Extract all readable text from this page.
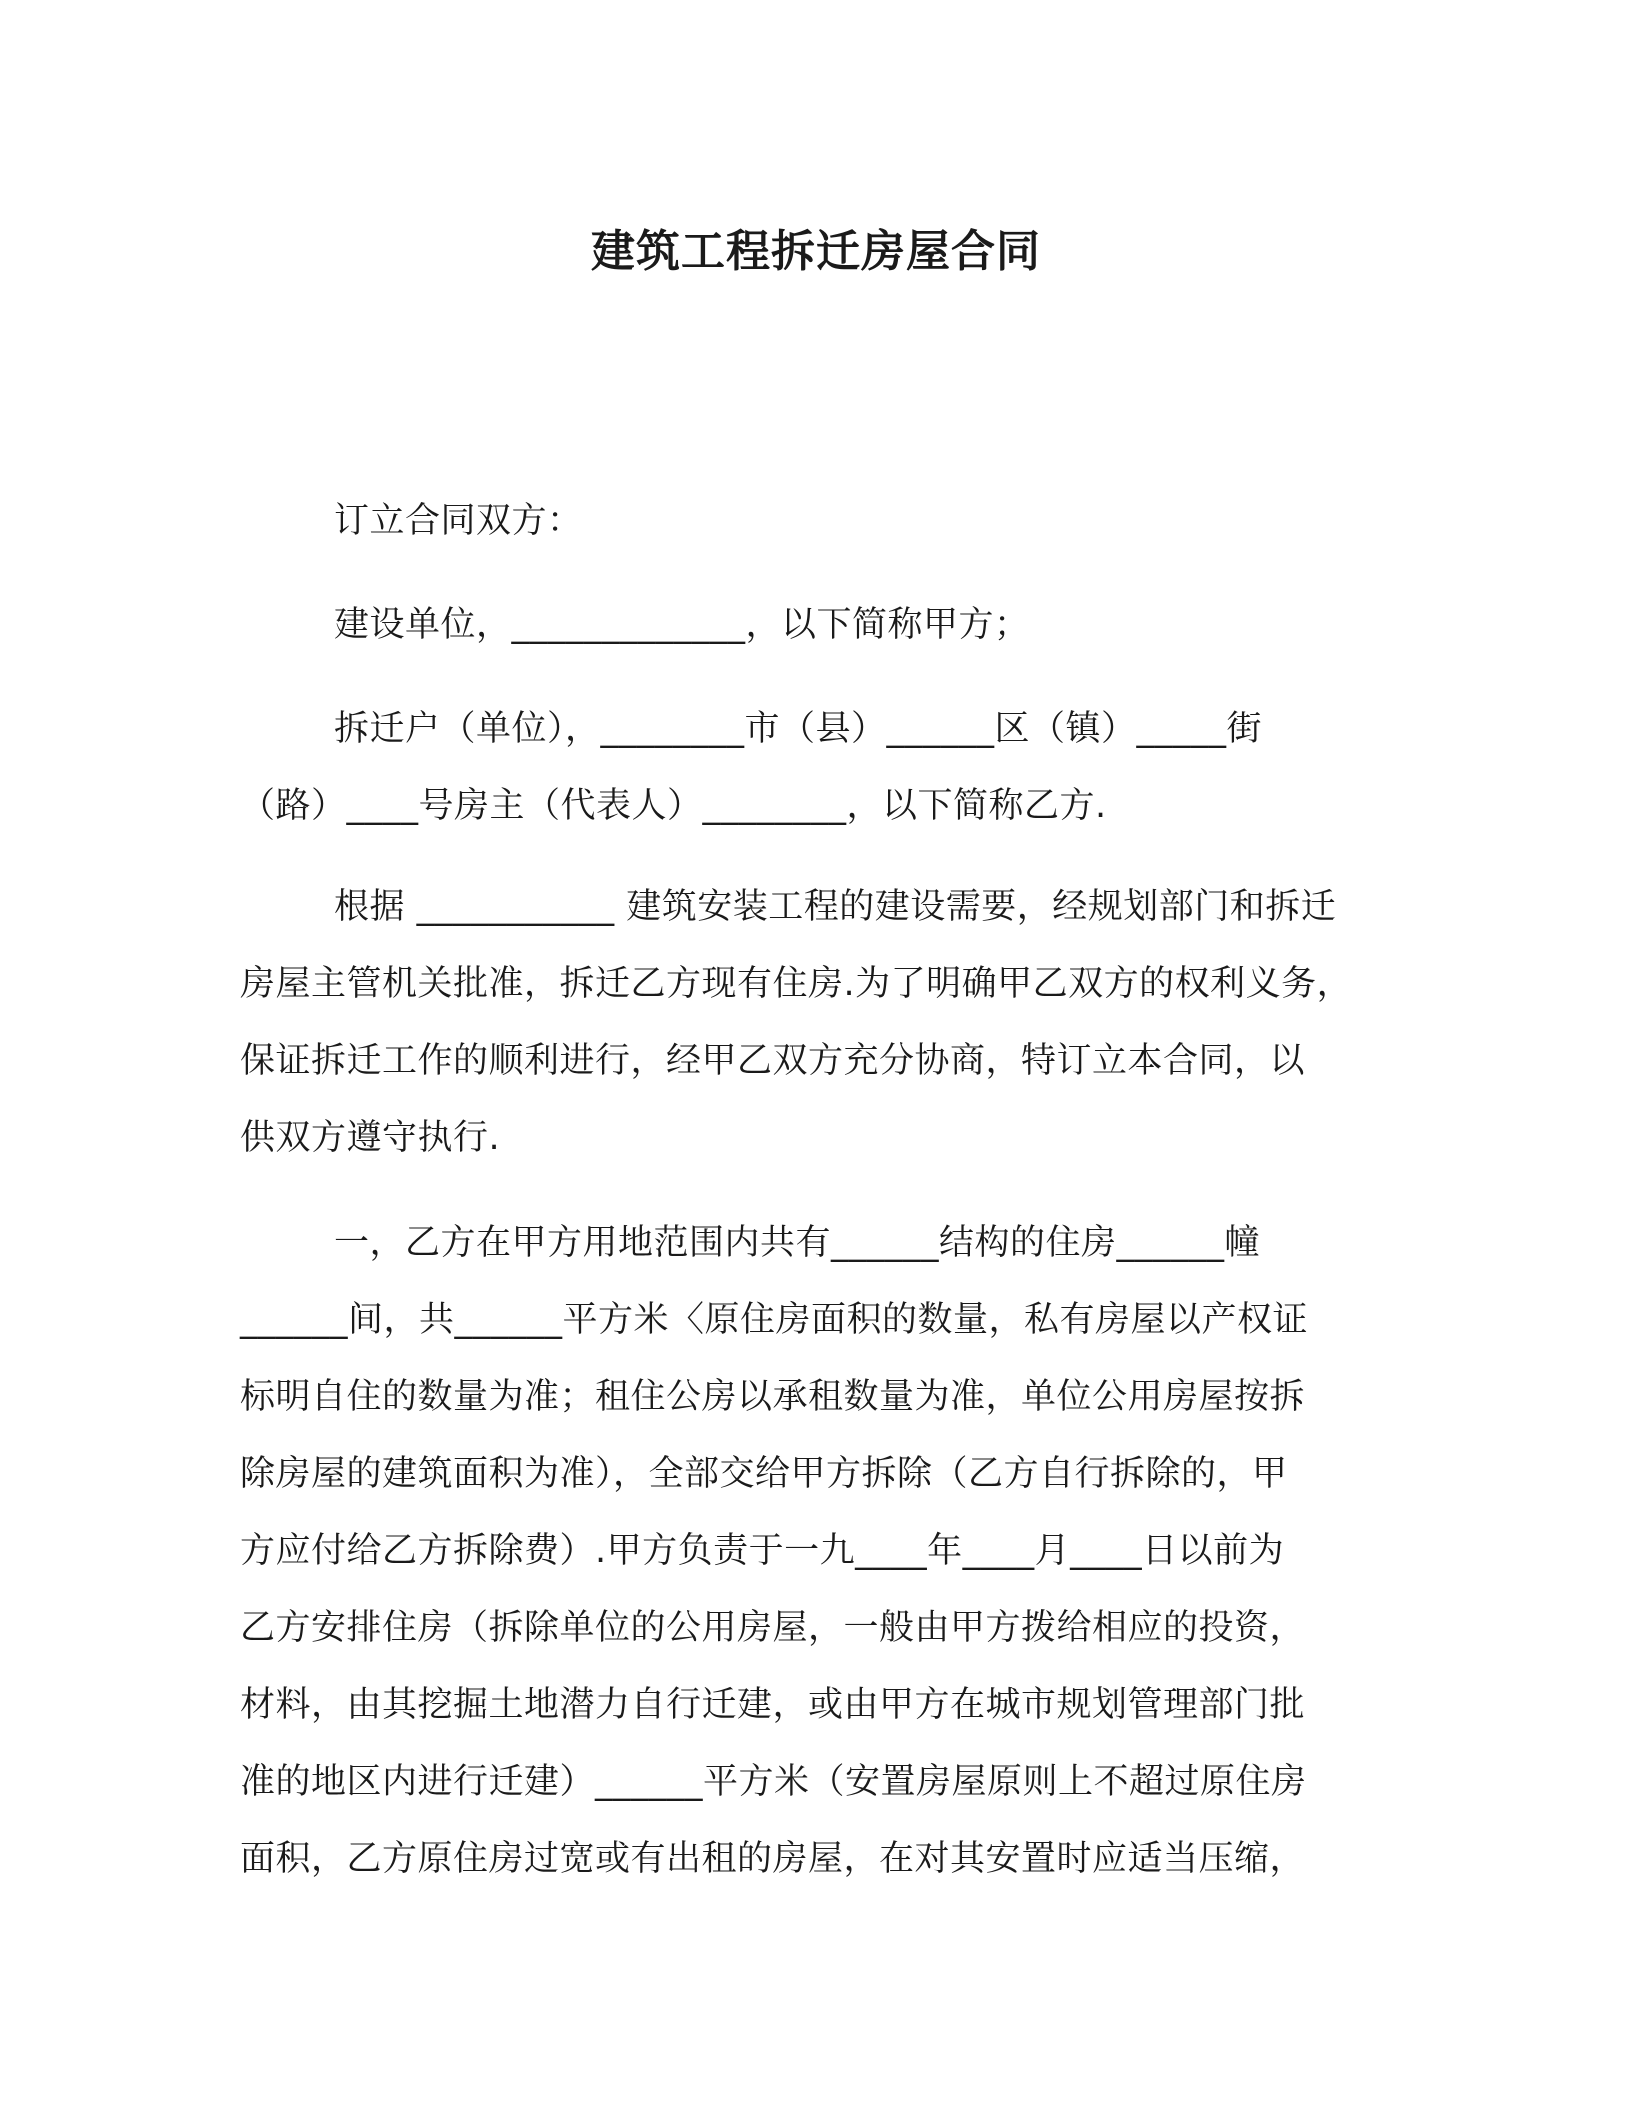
建筑工程拆迁房屋合同
订立合同双方：
建设单位，_____________，以下简称甲方；
拆迁户（单位），________市（县）______区（镇）_____街
（路）____号房主（代表人）________，以下简称乙方.
根据 ___________ 建筑安装工程的建设需要，经规划部门和拆迁
房屋主管机关批准，拆迁乙方现有住房.为了明确甲乙双方的权利义务，
保证拆迁工作的顺利进行，经甲乙双方充分协商，特订立本合同，以
供双方遵守执行.
一，乙方在甲方用地范围内共有______结构的住房______幢
______间，共______平方米〈原住房面积的数量，私有房屋以产权证
标明自住的数量为准；租住公房以承租数量为准，单位公用房屋按拆
除房屋的建筑面积为准），全部交给甲方拆除（乙方自行拆除的，甲
方应付给乙方拆除费）.甲方负责于一九____年____月____日以前为
乙方安排住房（拆除单位的公用房屋，一般由甲方拨给相应的投资，
材料，由其挖掘土地潜力自行迁建，或由甲方在城市规划管理部门批
准的地区内进行迁建）______平方米（安置房屋原则上不超过原住房
面积，乙方原住房过宽或有出租的房屋，在对其安置时应适当压缩，
